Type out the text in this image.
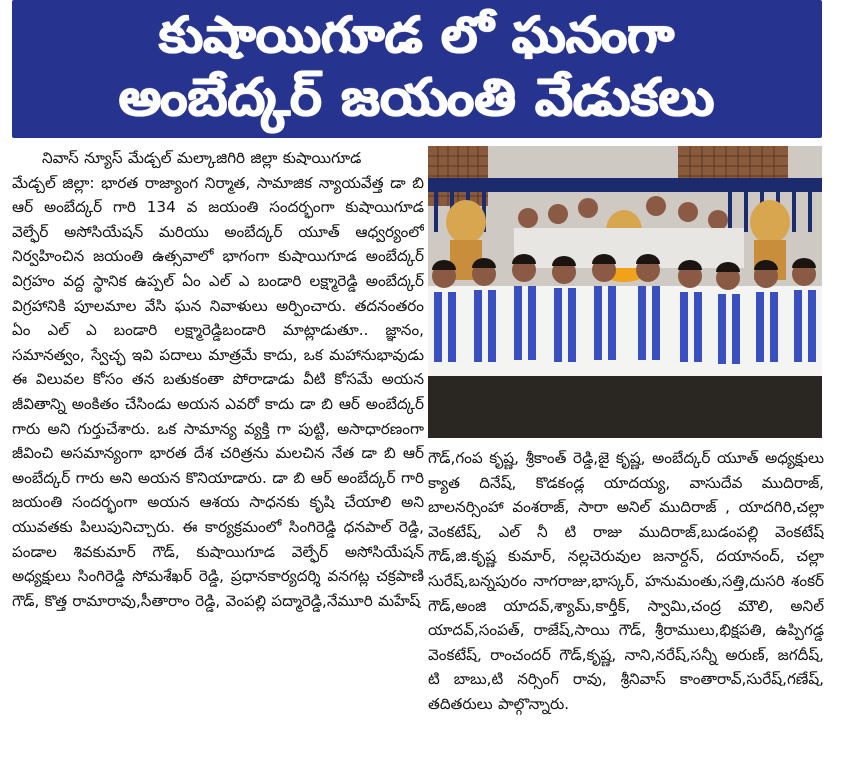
కుషాయిగూడ లో ఘనంగా
అంబేద్కర్ జయంతి వేడుకలు

నివాస్ న్యూస్ మేడ్చల్ మల్కాజిగిరి జిల్లా కుషాయిగూడ

మేడ్చల్ జిల్లా: భారత రాజ్యాంగ నిర్మాత, సామాజిక న్యాయవేత్త డా బి ఆర్ అంబేద్కర్ గారి 134 వ జయంతి సందర్భంగా కుషాయిగూడ వెల్ఫేర్ అసోసియేషన్ మరియు అంబేద్కర్ యూత్ ఆధ్వర్యంలో నిర్వహించిన జయంతి ఉత్సవాలో భాగంగా కుషాయిగూడ అంబేద్కర్ విగ్రహం వద్ద స్థానిక ఉప్పల్ ఏం ఎల్ ఎ బండారి లక్ష్మారెడ్డి అంబేద్కర్ విగ్రహానికి పూలమాల వేసి ఘన నివాళులు అర్పించారు. తదనంతరం ఏం ఎల్ ఎ బండారి లక్ష్మారెడ్డిబండారి మాట్లాడుతూ.. జ్ఞానం, సమానత్వం, స్వేచ్ఛ ఇవి పదాలు మాత్రమే కాదు, ఒక మహానుభావుడు ఈ విలువల కోసం తన బతుకంతా పోరాడాడు వీటి కోసమే అయన జీవితాన్ని అంకితం చేసిండు అయన ఎవరో కాదు డా బి ఆర్ అంబేద్కర్ గారు అని గుర్తుచేశారు. ఒక సామాన్య వ్యక్తి గా పుట్టి, అసాధారణంగా జీవించి అసమాన్యంగా భారత దేశ చరిత్రను మలచిన నేత డా బి ఆర్ అంబేద్కర్ గారు అని అయన కొనియాడారు. డా బి ఆర్ అంబేద్కర్ గారి జయంతి సందర్భంగా అయన ఆశయ సాధనకు కృషి చేయాలి అని యువతకు పిలుపునిచ్చారు. ఈ కార్యక్రమంలో సింగిరెడ్డి ధనపాల్ రెడ్డి, పండాల శివకుమార్ గౌడ్, కుషాయిగూడ వెల్ఫేర్ అసోసియేషన్ అధ్యక్షులు సింగిరెడ్డి సోమశేఖర్ రెడ్డి, ప్రధానకార్యదర్శి వనగట్ల చక్రపాణి గౌడ్, కొత్త రామారావు,సీతారాం రెడ్డి, వెంపల్లి పద్మారెడ్డి,నేమూరి మహేష్

గౌడ్,గంప కృష్ణ, శ్రీకాంత్ రెడ్డి,జై కృష్ణ, అంబేద్కర్ యూత్ అధ్యక్షులు క్యాత దినేష్, కొడకండ్ల యాదయ్య, వాసుదేవ ముదిరాజ్, బాలనర్సింహా వంశరాజ్, సారా అనిల్ ముదిరాజ్ , యాదగిరి,చల్లా వెంకటేష్, ఎల్ నీ టి రాజు ముదిరాజ్,బుడంపల్లి వెంకటేష్ గౌడ్,జి.కృష్ణ కుమార్, నల్లచెరువుల జనార్దన్, దయానంద్, చల్లా సురేష్,బన్నపురం నాగరాజు,భాస్కర్, హనుమంతు,సత్తి,దుసరి శంకర్ గౌడ్,అంజి యాదవ్,శ్యామ్,కార్తీక్, స్వామి,చంద్ర మౌలి, అనిల్ యాదవ్,సంపత్, రాజేష్,సాయి గౌడ్, శ్రీరాములు,భిక్షపతి, ఉప్పిగడ్డ వెంకటేష్, రాంచందర్ గౌడ్,కృష్ణ, నాని,నరేష్,సన్నీ అరుణ్, జగదీష్, టి బాబు,టి నర్సింగ్ రావు, శ్రీనివాస్ కాంతారావ్,సురేష్,గణేష్, తదితరులు పాల్గొన్నారు.
